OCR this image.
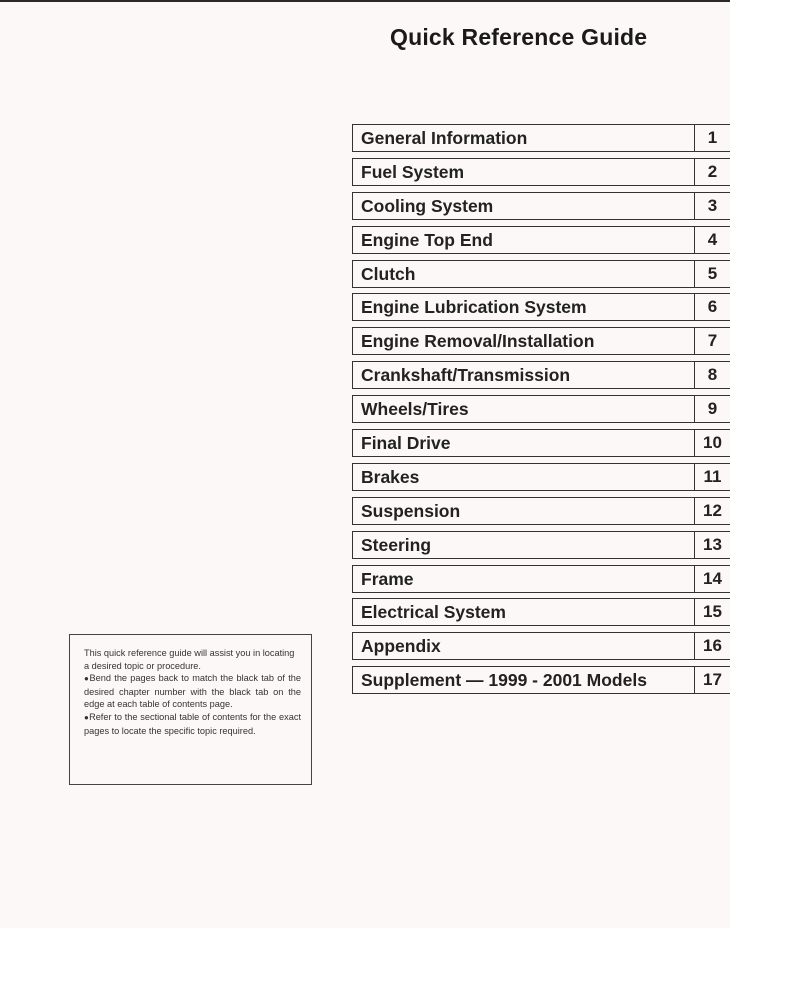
Quick Reference Guide
General Information	1
Fuel System	2
Cooling System	3
Engine Top End	4
Clutch	5
Engine Lubrication System	6
Engine Removal/Installation	7
Crankshaft/Transmission	8
Wheels/Tires	9
Final Drive	10
Brakes	11
Suspension	12
Steering	13
Frame	14
Electrical System	15
Appendix	16
Supplement — 1999 - 2001 Models	17

This quick reference guide will assist you in locating a desired topic or procedure.

●Bend the pages back to match the black tab of the desired chapter number with the black tab on the edge at each table of contents page.
●Refer to the sectional table of contents for the exact pages to locate the specific topic required.
